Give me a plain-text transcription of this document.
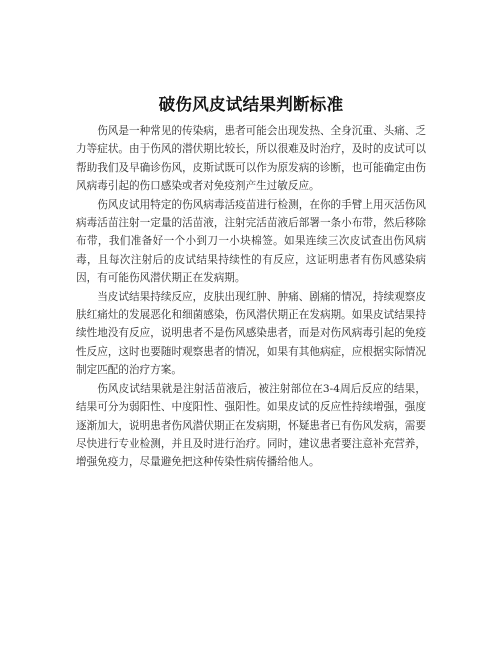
破伤风皮试结果判断标准

伤风是一种常见的传染病，患者可能会出现发热、全身沉重、头痛、乏力等症状。由于伤风的潜伏期比较长，所以很难及时治疗，及时的皮试可以帮助我们及早确诊伤风，皮斯试既可以作为原发病的诊断，也可能确定由伤风病毒引起的伤口感染或者对免疫剂产生过敏反应。

伤风皮试用特定的伤风病毒活疫苗进行检测，在你的手臂上用灭活伤风病毒活苗注射一定量的活苗液，注射完活苗液后部署一条小布带，然后移除布带，我们准备好一个小到刀一小块棉签。如果连续三次皮试查出伤风病毒，且每次注射后的皮试结果持续性的有反应，这证明患者有伤风感染病因，有可能伤风潜伏期正在发病期。

当皮试结果持续反应，皮肤出现红肿、肿痛、剧痛的情况，持续观察皮肤红痛灶的发展恶化和细菌感染，伤风潜伏期正在发病期。如果皮试结果持续性地没有反应，说明患者不是伤风感染患者，而是对伤风病毒引起的免疫性反应，这时也要随时观察患者的情况，如果有其他病症，应根据实际情况制定匹配的治疗方案。

伤风皮试结果就是注射活苗液后，被注射部位在3-4周后反应的结果，结果可分为弱阳性、中度阳性、强阳性。如果皮试的反应性持续增强，强度逐渐加大，说明患者伤风潜伏期正在发病期，怀疑患者已有伤风发病，需要尽快进行专业检测，并且及时进行治疗。同时，建议患者要注意补充营养，增强免疫力，尽量避免把这种传染性病传播给他人。
